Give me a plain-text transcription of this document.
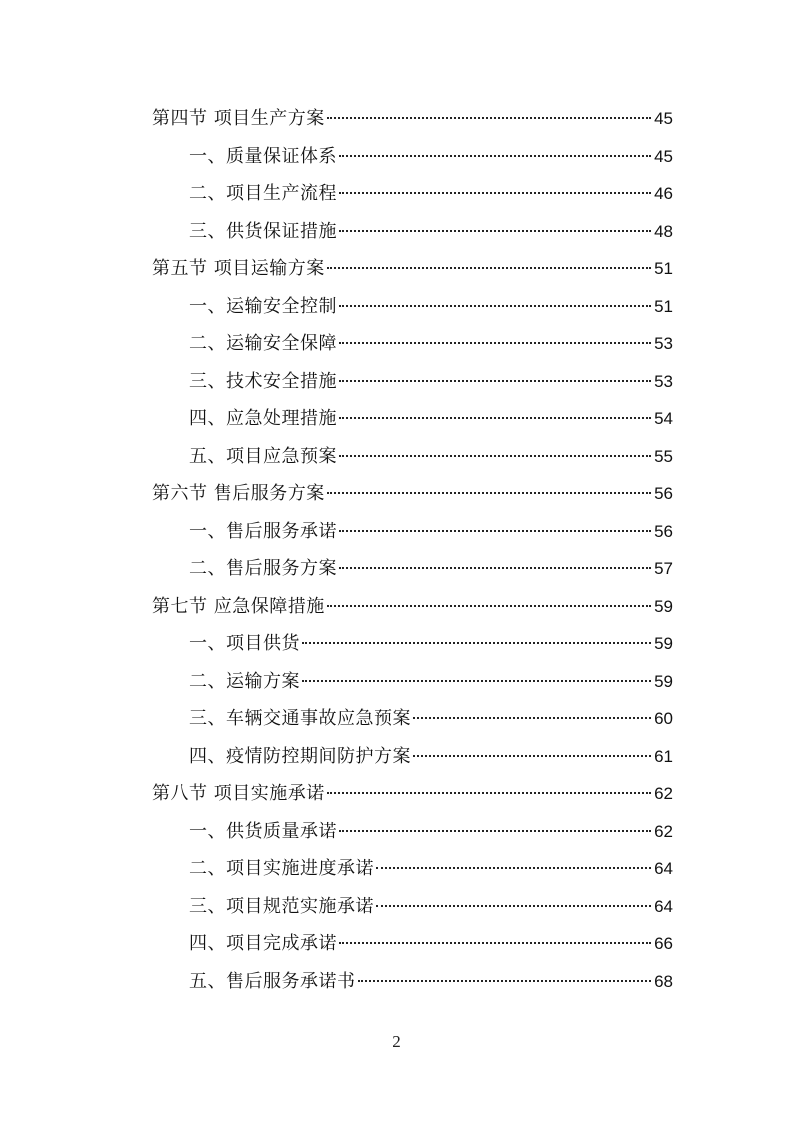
第四节 项目生产方案	45
一、质量保证体系	45
二、项目生产流程	46
三、供货保证措施	48
第五节 项目运输方案	51
一、运输安全控制	51
二、运输安全保障	53
三、技术安全措施	53
四、应急处理措施	54
五、项目应急预案	55
第六节 售后服务方案	56
一、售后服务承诺	56
二、售后服务方案	57
第七节 应急保障措施	59
一、项目供货	59
二、运输方案	59
三、车辆交通事故应急预案	60
四、疫情防控期间防护方案	61
第八节 项目实施承诺	62
一、供货质量承诺	62
二、项目实施进度承诺	64
三、项目规范实施承诺	64
四、项目完成承诺	66
五、售后服务承诺书	68
2
